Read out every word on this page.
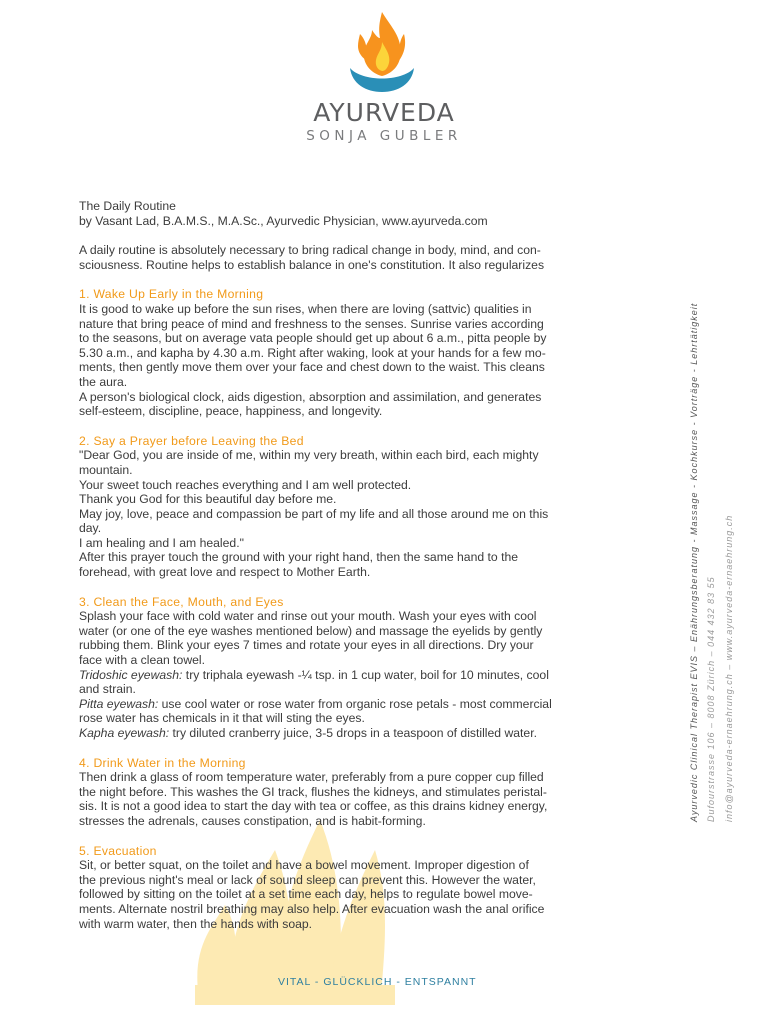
AYURVEDA
SONJA GUBLER

The Daily Routine

by Vasant Lad, B.A.M.S., M.A.Sc., Ayurvedic Physician, www.ayurveda.com

A daily routine is absolutely necessary to bring radical change in body, mind, and con-

sciousness. Routine helps to establish balance in one's constitution. It also regularizes

1. Wake Up Early in the Morning

It is good to wake up before the sun rises, when there are loving (sattvic) qualities in

nature that bring peace of mind and freshness to the senses. Sunrise varies according

to the seasons, but on average vata people should get up about 6 a.m., pitta people by

5.30 a.m., and kapha by 4.30 a.m. Right after waking, look at your hands for a few mo-

ments, then gently move them over your face and chest down to the waist. This cleans

the aura.

A person's biological clock, aids digestion, absorption and assimilation, and generates

self-esteem, discipline, peace, happiness, and longevity.

2. Say a Prayer before Leaving the Bed

"Dear God, you are inside of me, within my very breath, within each bird, each mighty

mountain.

Your sweet touch reaches everything and I am well protected.

Thank you God for this beautiful day before me.

May joy, love, peace and compassion be part of my life and all those around me on this

day.

I am healing and I am healed."

After this prayer touch the ground with your right hand, then the same hand to the

forehead, with great love and respect to Mother Earth.

3. Clean the Face, Mouth, and Eyes

Splash your face with cold water and rinse out your mouth. Wash your eyes with cool

water (or one of the eye washes mentioned below) and massage the eyelids by gently

rubbing them. Blink your eyes 7 times and rotate your eyes in all directions. Dry your

face with a clean towel.

Tridoshic eyewash: try triphala eyewash -¼ tsp. in 1 cup water, boil for 10 minutes, cool

and strain.

Pitta eyewash: use cool water or rose water from organic rose petals - most commercial

rose water has chemicals in it that will sting the eyes.

Kapha eyewash: try diluted cranberry juice, 3-5 drops in a teaspoon of distilled water.

4. Drink Water in the Morning

Then drink a glass of room temperature water, preferably from a pure copper cup filled

the night before. This washes the GI track, flushes the kidneys, and stimulates peristal-

sis. It is not a good idea to start the day with tea or coffee, as this drains kidney energy,

stresses the adrenals, causes constipation, and is habit-forming.

5. Evacuation

Sit, or better squat, on the toilet and have a bowel movement. Improper digestion of

the previous night's meal or lack of sound sleep can prevent this. However the water,

followed by sitting on the toilet at a set time each day, helps to regulate bowel move-

ments. Alternate nostril breathing may also help. After evacuation wash the anal orifice

with warm water, then the hands with soap.

Ayurvedic Clinical Therapist EVIS – Enährungsberatung - Massage - Kochkurse - Vorträge - Lehrtätigkeit Dufourstrasse 106 – 8008 Zürich – 044 432 83 55 info@ayurveda-ernaehrung.ch – www.ayurveda-ernaehrung.ch
VITAL - GLÜCKLICH - ENTSPANNT
